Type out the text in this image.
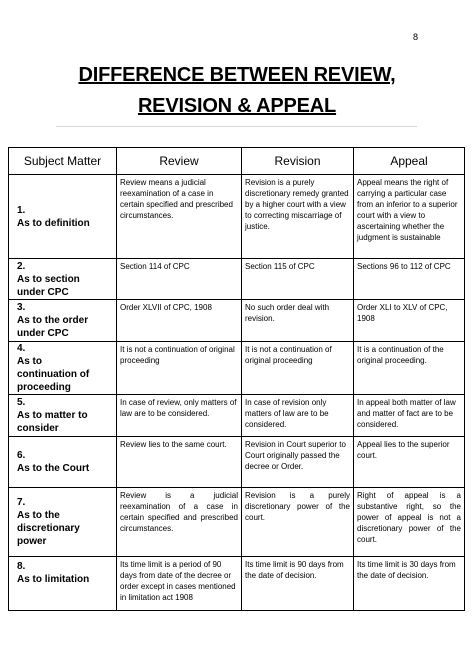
8
DIFFERENCE BETWEEN REVIEW,
REVISION & APPEAL
Subject Matter	Review	Revision	Appeal
1.As to definition	Review means a judicial reexamination of a case in certain specified and prescribed circumstances.	Revision is a purely discretionary remedy granted by a higher court with a view to correcting miscarriage of justice.	Appeal means the right of carrying a particular case from an inferior to a superior court with a view to ascertaining whether the judgment is sustainable
2.As to section under CPC	Section 114 of CPC	Section 115 of CPC	Sections 96 to 112 of CPC
3.As to the order under CPC	Order XLVII of CPC, 1908	No such order deal with revision.	Order XLI to XLV of CPC, 1908
4.As to continuation of proceeding	It is not a continuation of original proceeding	It is not a continuation of original proceeding	It is a continuation of the original proceeding.
5.As to matter to consider	In case of review, only matters of law are to be considered.	In case of revision only matters of law are to be considered.	In appeal both matter of law and matter of fact are to be considered.
6.As to the Court	Review lies to the same court.	Revision in Court superior to Court originally passed the decree or Order.	Appeal lies to the superior court.
7.As to the discretionary power	Review is a judicial reexamination of a case in certain specified and prescribed circumstances.	Revision is a purely discretionary power of the court.	Right of appeal is a substantive right, so the power of appeal is not a discretionary power of the court.
8.As to limitation	Its time limit is a period of 90 days from date of the decree or order except in cases mentioned in limitation act 1908	Its time limit is 90 days from the date of decision.	Its time limit is 30 days from the date of decision.
